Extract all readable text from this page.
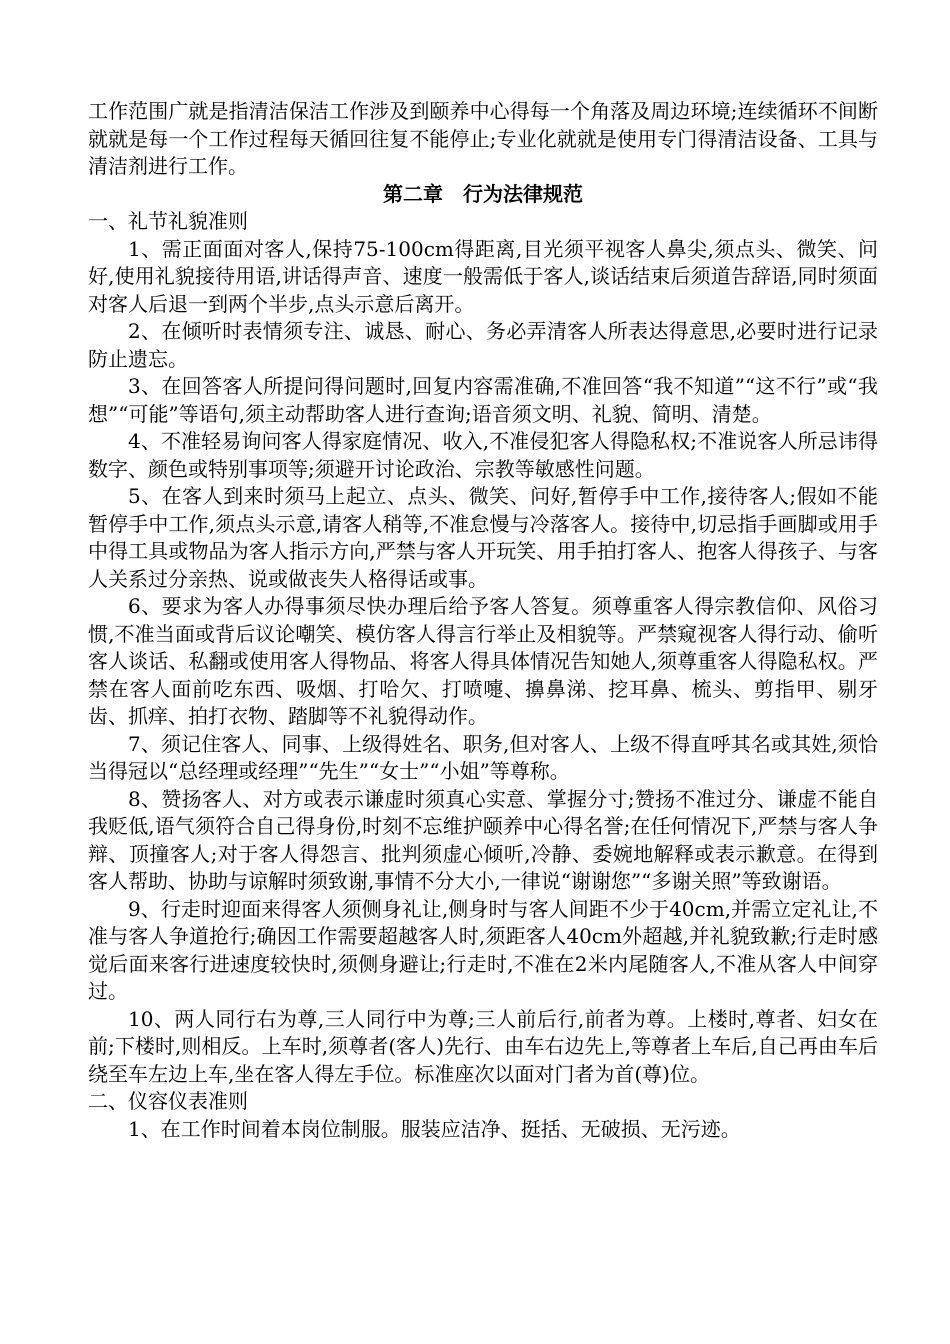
工作范围广就是指清洁保洁工作涉及到颐养中心得每一个角落及周边环境;连续循环不间断就就是每一个工作过程每天循回往复不能停止;专业化就就是使用专门得清洁设备、工具与清洁剂进行工作。

第二章　行为法律规范

一、礼节礼貌准则

1、需正面面对客人,保持75-100cm得距离,目光须平视客人鼻尖,须点头、微笑、问好,使用礼貌接待用语,讲话得声音、速度一般需低于客人,谈话结束后须道告辞语,同时须面对客人后退一到两个半步,点头示意后离开。

2、在倾听时表情须专注、诚恳、耐心、务必弄清客人所表达得意思,必要时进行记录防止遗忘。

3、在回答客人所提问得问题时,回复内容需准确,不准回答“我不知道”“这不行”或“我想”“可能”等语句,须主动帮助客人进行查询;语音须文明、礼貌、简明、清楚。

4、不准轻易询问客人得家庭情况、收入,不准侵犯客人得隐私权;不准说客人所忌讳得数字、颜色或特别事项等;须避开讨论政治、宗教等敏感性问题。

5、在客人到来时须马上起立、点头、微笑、问好,暂停手中工作,接待客人;假如不能暂停手中工作,须点头示意,请客人稍等,不准怠慢与冷落客人。接待中,切忌指手画脚或用手中得工具或物品为客人指示方向,严禁与客人开玩笑、用手拍打客人、抱客人得孩子、与客人关系过分亲热、说或做丧失人格得话或事。

6、要求为客人办得事须尽快办理后给予客人答复。须尊重客人得宗教信仰、风俗习惯,不准当面或背后议论嘲笑、模仿客人得言行举止及相貌等。严禁窥视客人得行动、偷听客人谈话、私翻或使用客人得物品、将客人得具体情况告知她人,须尊重客人得隐私权。严禁在客人面前吃东西、吸烟、打哈欠、打喷嚏、擤鼻涕、挖耳鼻、梳头、剪指甲、剔牙齿、抓痒、拍打衣物、踏脚等不礼貌得动作。

7、须记住客人、同事、上级得姓名、职务,但对客人、上级不得直呼其名或其姓,须恰当得冠以“总经理或经理”“先生”“女士”“小姐”等尊称。

8、赞扬客人、对方或表示谦虚时须真心实意、掌握分寸;赞扬不准过分、谦虚不能自我贬低,语气须符合自己得身份,时刻不忘维护颐养中心得名誉;在任何情况下,严禁与客人争辩、顶撞客人;对于客人得怨言、批判须虚心倾听,冷静、委婉地解释或表示歉意。在得到客人帮助、协助与谅解时须致谢,事情不分大小,一律说“谢谢您”“多谢关照”等致谢语。

9、行走时迎面来得客人须侧身礼让,侧身时与客人间距不少于40cm,并需立定礼让,不准与客人争道抢行;确因工作需要超越客人时,须距客人40cm外超越,并礼貌致歉;行走时感觉后面来客行进速度较快时,须侧身避让;行走时,不准在2米内尾随客人,不准从客人中间穿过。

10、两人同行右为尊,三人同行中为尊;三人前后行,前者为尊。上楼时,尊者、妇女在前;下楼时,则相反。上车时,须尊者(客人)先行、由车右边先上,等尊者上车后,自己再由车后绕至车左边上车,坐在客人得左手位。标准座次以面对门者为首(尊)位。

二、仪容仪表准则

1、在工作时间着本岗位制服。服装应洁净、挺括、无破损、无污迹。
